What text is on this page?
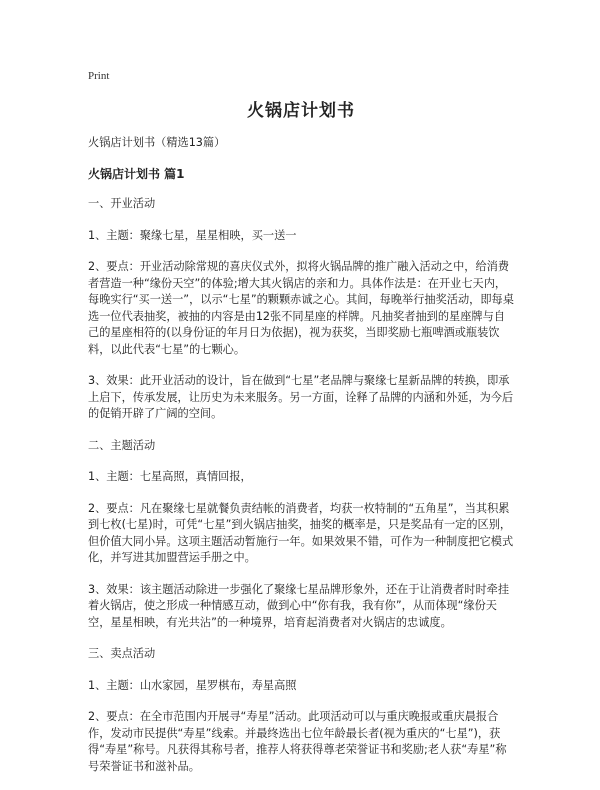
Print
火锅店计划书

火锅店计划书（精选13篇）

火锅店计划书 篇1

一、开业活动

1、主题：聚缘七星，星星相映，买一送一

2、要点：开业活动除常规的喜庆仪式外，拟将火锅品牌的推广融入活动之中，给消费者营造一种“缘份天空”的体验;增大其火锅店的亲和力。具体作法是：在开业七天内，每晚实行“买一送一”，以示“七星”的颗颗赤诚之心。其间，每晚举行抽奖活动，即每桌选一位代表抽奖，被抽的内容是由12张不同星座的样牌。凡抽奖者抽到的星座牌与自己的星座相符的(以身份证的年月日为依据)，视为获奖，当即奖励七瓶啤酒或瓶装饮料，以此代表“七星”的七颗心。

3、效果：此开业活动的设计，旨在做到“七星”老品牌与聚缘七星新品牌的转换，即承上启下，传承发展，让历史为未来服务。另一方面，诠释了品牌的内涵和外延，为今后的促销开辟了广阔的空间。

二、主题活动

1、主题：七星高照，真情回报，

2、要点：凡在聚缘七星就餐负责结帐的消费者，均获一枚特制的“五角星”，当其积累到七枚(七星)时，可凭“七星”到火锅店抽奖，抽奖的概率是，只是奖品有一定的区别，但价值大同小异。这项主题活动暂施行一年。如果效果不错，可作为一种制度把它模式化，并写进其加盟营运手册之中。

3、效果：该主题活动除进一步强化了聚缘七星品牌形象外，还在于让消费者时时牵挂着火锅店，使之形成一种情感互动，做到心中“你有我，我有你”，从而体现“缘份天空，星星相映，有光共沾”的一种境界，培育起消费者对火锅店的忠诚度。

三、卖点活动

1、主题：山水家园，星罗棋布，寿星高照

2、要点：在全市范围内开展寻“寿星”活动。此项活动可以与重庆晚报或重庆晨报合作，发动市民提供“寿星”线索。并最终选出七位年龄最长者(视为重庆的“七星”)，获得“寿星”称号。凡获得其称号者，推荐人将获得尊老荣誉证书和奖励;老人获“寿星”称号荣誉证书和滋补品。
